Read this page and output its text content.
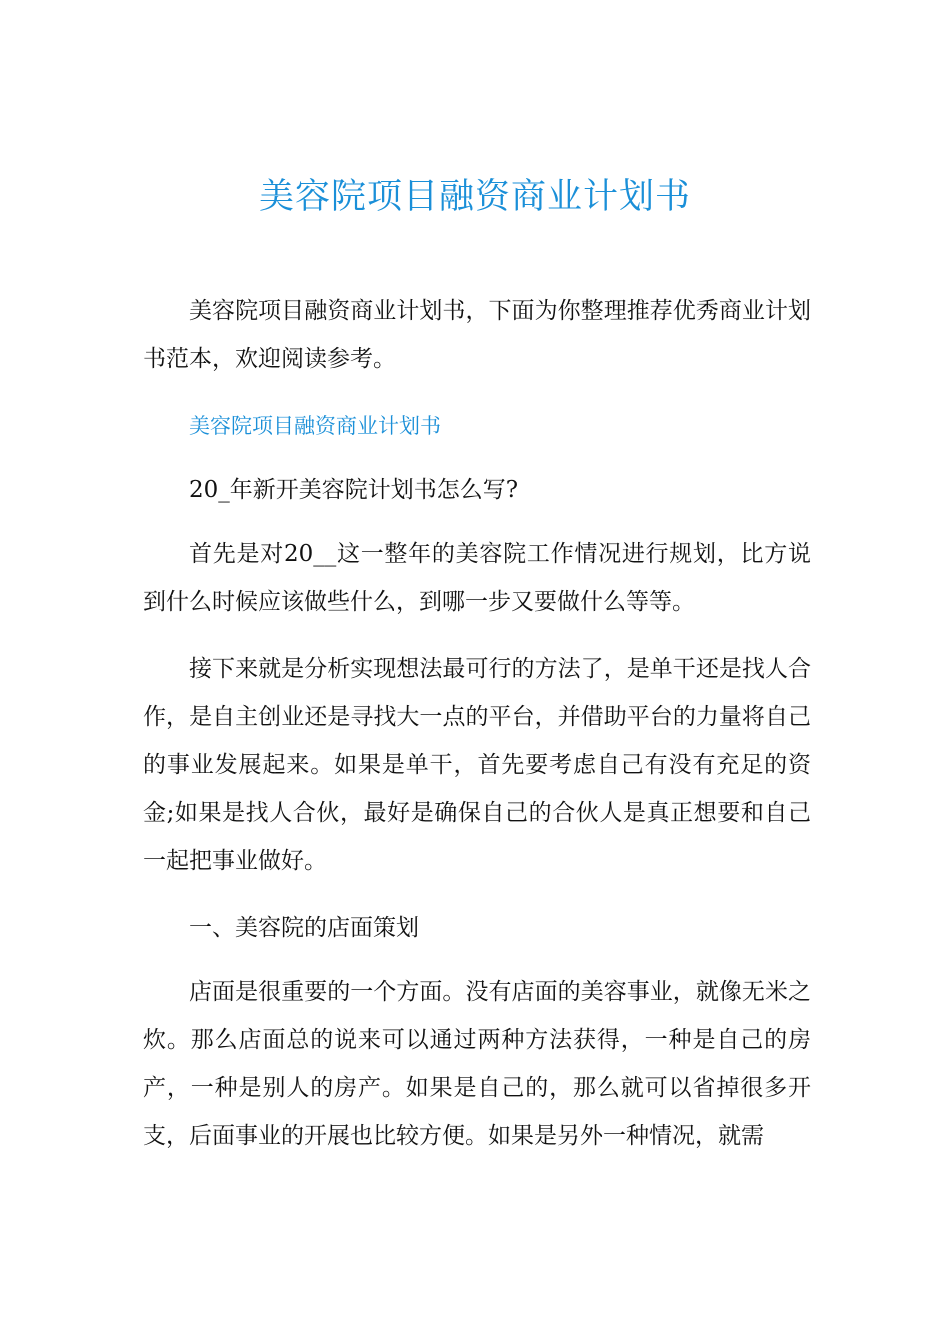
美容院项目融资商业计划书

美容院项目融资商业计划书，下面为你整理推荐优秀商业计划书范本，欢迎阅读参考。

美容院项目融资商业计划书

20_年新开美容院计划书怎么写?

首先是对20__这一整年的美容院工作情况进行规划，比方说到什么时候应该做些什么，到哪一步又要做什么等等。

接下来就是分析实现想法最可行的方法了，是单干还是找人合作，是自主创业还是寻找大一点的平台，并借助平台的力量将自己的事业发展起来。如果是单干，首先要考虑自己有没有充足的资金;如果是找人合伙，最好是确保自己的合伙人是真正想要和自己一起把事业做好。

一、美容院的店面策划

店面是很重要的一个方面。没有店面的美容事业，就像无米之炊。那么店面总的说来可以通过两种方法获得，一种是自己的房产，一种是别人的房产。如果是自己的，那么就可以省掉很多开支，后面事业的开展也比较方便。如果是另外一种情况，就需
